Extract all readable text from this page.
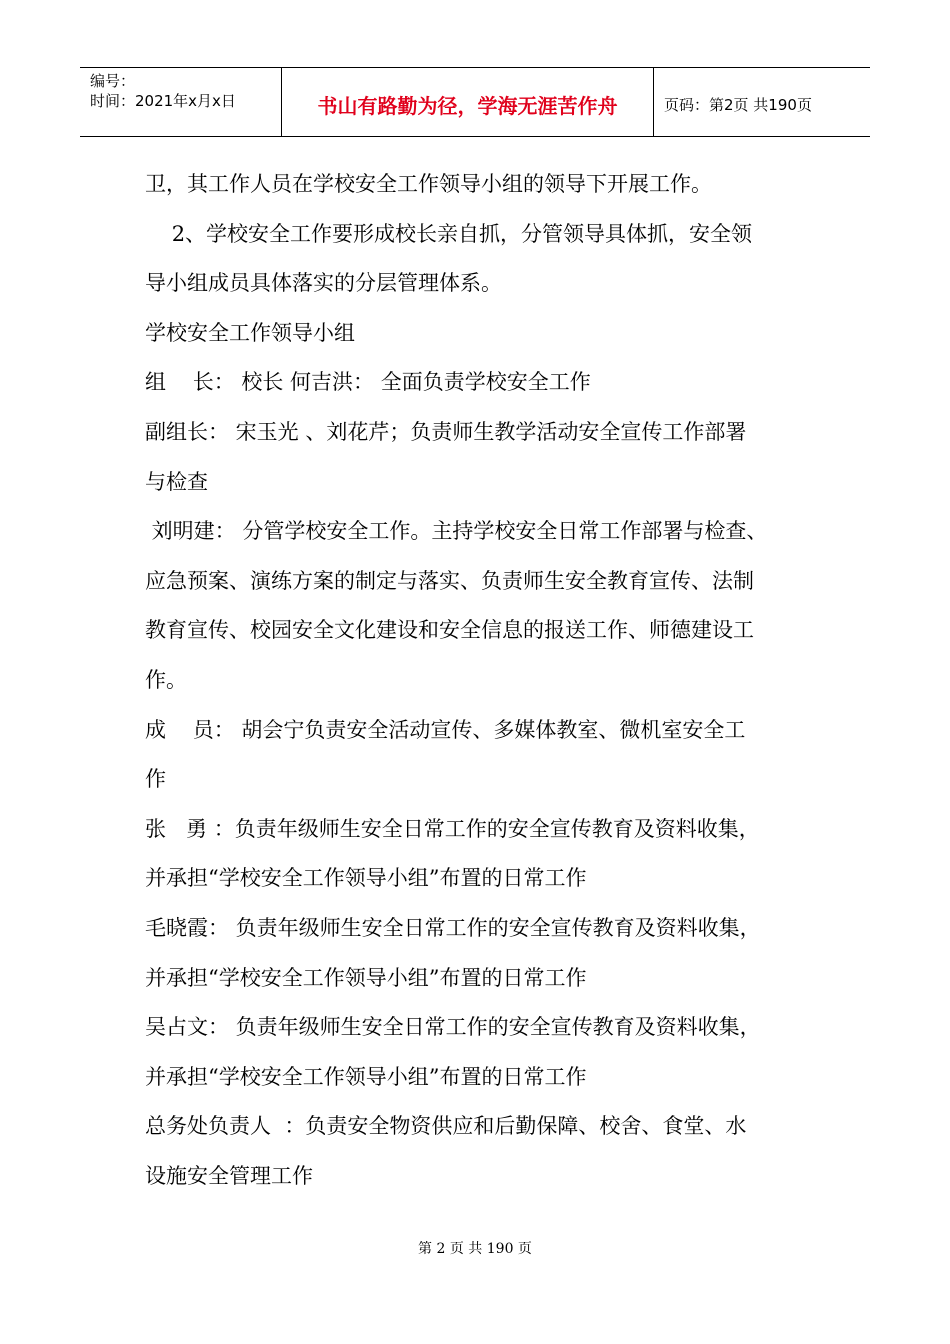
编号：
时间：2021年x月x日	书山有路勤为径，学海无涯苦作舟	页码：第2页 共190页

卫，其工作人员在学校安全工作领导小组的领导下开展工作。

2、学校安全工作要形成校长亲自抓，分管领导具体抓，安全领

导小组成员具体落实的分层管理体系。

学校安全工作领导小组

组    长： 校长 何吉洪： 全面负责学校安全工作

副组长： 宋玉光 、刘花芹；负责师生教学活动安全宣传工作部署

与检查

刘明建： 分管学校安全工作。主持学校安全日常工作部署与检查、

应急预案、演练方案的制定与落实、负责师生安全教育宣传、法制

教育宣传、校园安全文化建设和安全信息的报送工作、师德建设工

作。

成    员： 胡会宁负责安全活动宣传、多媒体教室、微机室安全工

作

张   勇 ：负责年级师生安全日常工作的安全宣传教育及资料收集，

并承担“学校安全工作领导小组”布置的日常工作

毛晓霞： 负责年级师生安全日常工作的安全宣传教育及资料收集，

并承担“学校安全工作领导小组”布置的日常工作

吴占文： 负责年级师生安全日常工作的安全宣传教育及资料收集，

并承担“学校安全工作领导小组”布置的日常工作

总务处负责人  ：负责安全物资供应和后勤保障、校舍、食堂、水

设施安全管理工作

第 2 页 共 190 页
